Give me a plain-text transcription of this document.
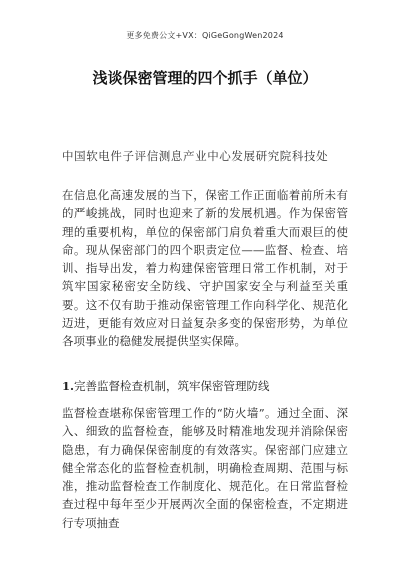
更多免费公文+VX：QiGeGongWen2024
浅谈保密管理的四个抓手（单位）
中国软电件子评信测息产业中心发展研究院科技处
在信息化高速发展的当下，保密工作正面临着前所未有的严峻挑战，同时也迎来了新的发展机遇。作为保密管理的重要机构，单位的保密部门肩负着重大而艰巨的使命。现从保密部门的四个职责定位——监督、检查、培训、指导出发，着力构建保密管理日常工作机制，对于筑牢国家秘密安全防线、守护国家安全与利益至关重要。这不仅有助于推动保密管理工作向科学化、规范化迈进，更能有效应对日益复杂多变的保密形势，为单位各项事业的稳健发展提供坚实保障。
1.完善监督检查机制，筑牢保密管理防线
监督检查堪称保密管理工作的“防火墙”。通过全面、深入、细致的监督检查，能够及时精准地发现并消除保密隐患，有力确保保密制度的有效落实。保密部门应建立健全常态化的监督检查机制，明确检查周期、范围与标准，推动监督检查工作制度化、规范化。在日常监督检查过程中每年至少开展两次全面的保密检查，不定期进行专项抽查
